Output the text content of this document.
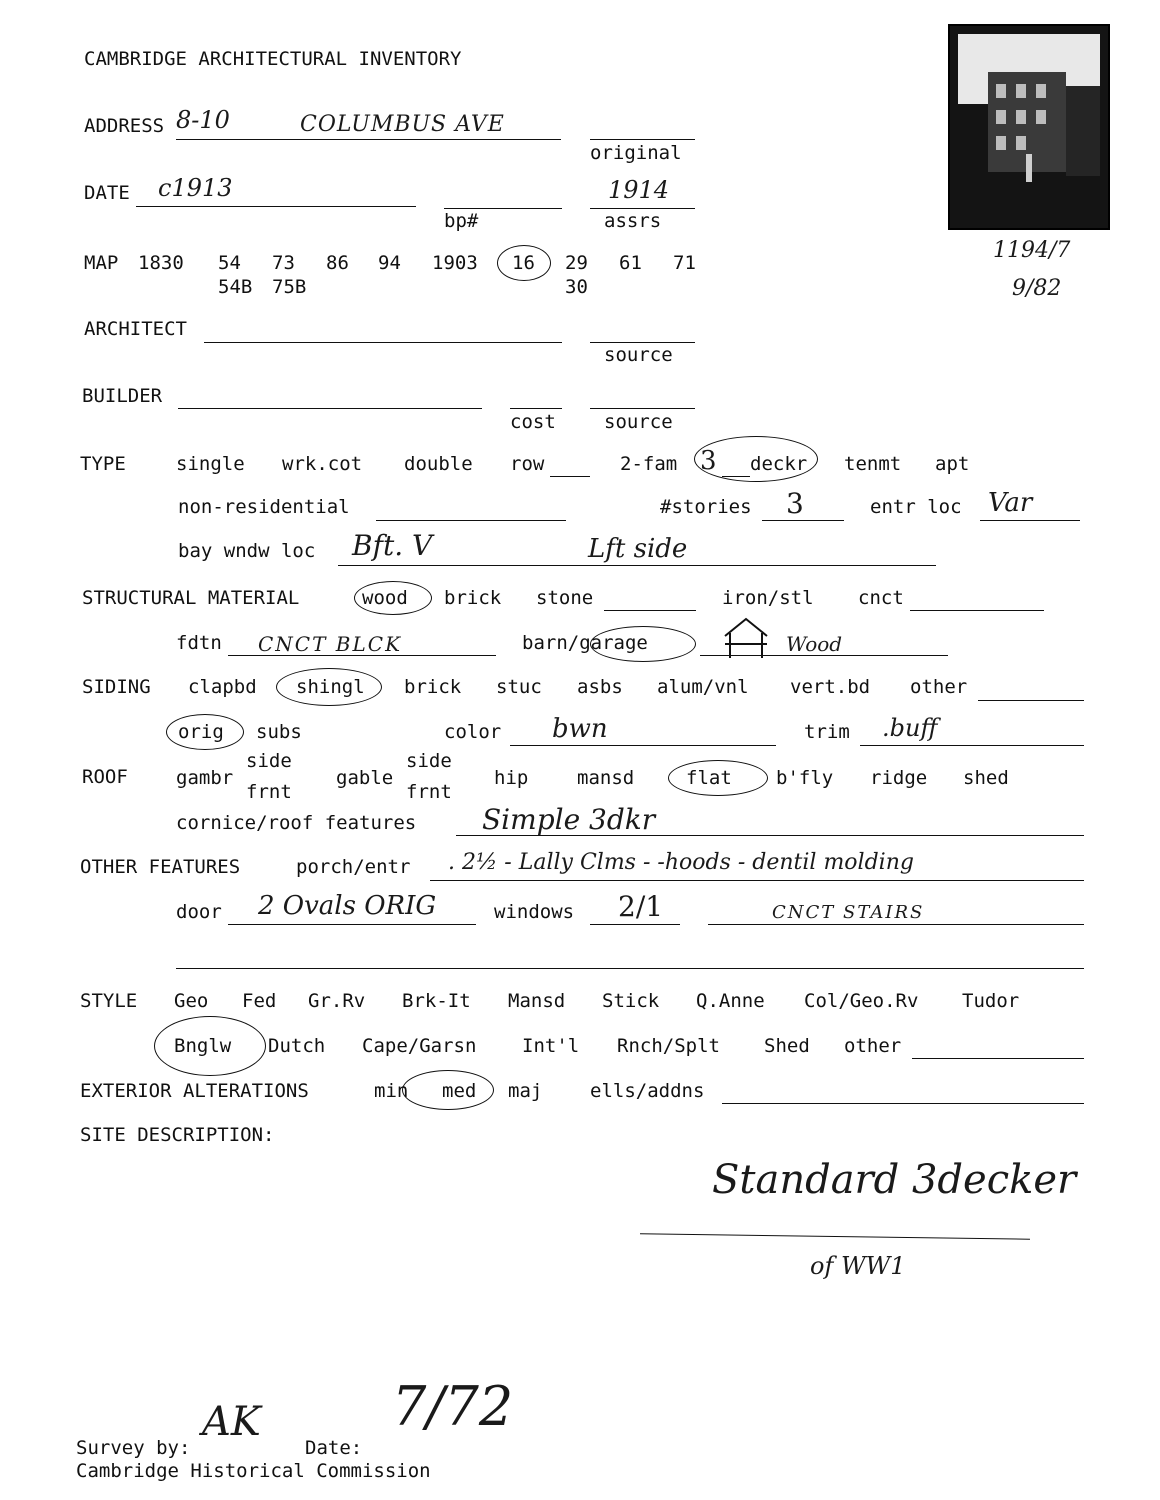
CAMBRIDGE ARCHITECTURAL INVENTORY
1194/7
9/82
ADDRESS 8-10	COLUMBUS AVE
original
DATE c1913
bp#
1914
assrs
MAP 1830 54 73 86 94 1903 16 29 61 71
54B 75B	30
ARCHITECT
source
BUILDER
cost	source
TYPE	single wrk.cot double row	2-fam 3 deckr tenmt apt
non-residential	#stories 3	entr loc Var
bay wndw loc Bft. V	Lft side
STRUCTURAL MATERIAL	wood brick stone	iron/stl cnct
fdtn CNCT BLCK	barn/garage	Wood
SIDING clapbd shingl brick stuc asbs alum/vnl vert.bd other
orig subs	color bwn	trim .buff
ROOF	gambr
side
frnt
gable
side
frnt
hip	mansd	flat b'fly ridge shed
cornice/roof features Simple 3dkr
OTHER FEATURES	porch/entr . 2½ - Lally Clms - -hoods - dentil molding
door 2 Ovals ORIG	windows 2/1	CNCT STAIRS
STYLE Geo Fed Gr.Rv Brk-It Mansd Stick Q.Anne Col/Geo.Rv Tudor
Bnglw Dutch Cape/Garsn Int'l Rnch/Splt Shed other
EXTERIOR ALTERATIONS	min med maj	ells/addns
SITE DESCRIPTION:
Standard 3decker
of WW1
Survey by:
AK
Date:
7/72
Cambridge Historical Commission
